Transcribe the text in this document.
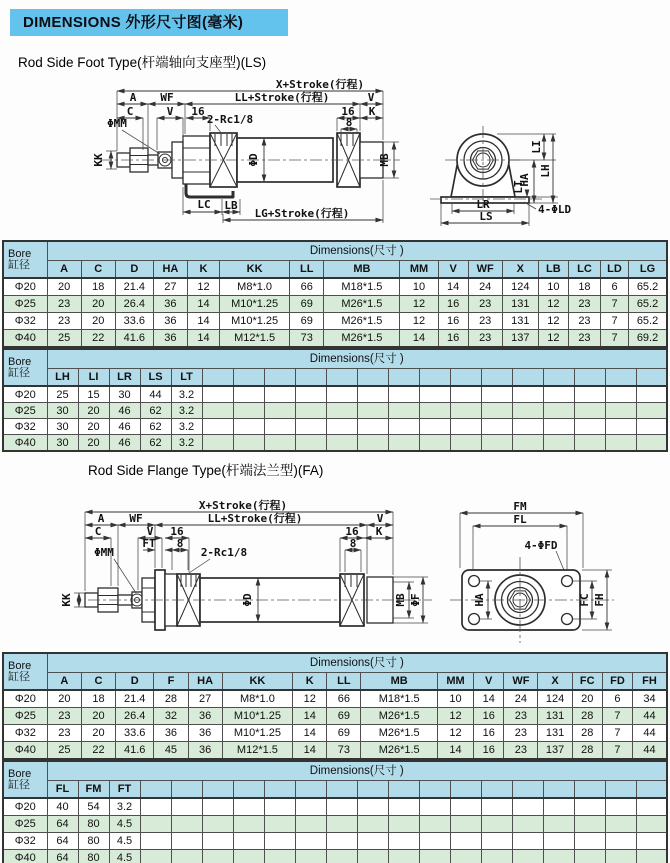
DIMENSIONS 外形尺寸图(毫米)
Rod Side Foot Type(杆端轴向支座型)(LS)
Rod Side Flange Type(杆端法兰型)(FA)
X+Stroke(行程)
A WF	LL+Stroke(行程)	V
C	V 16	16 K
8
ΦMM	2-Rc1/8
KK	ΦD	MB
LC LB
LG+Stroke(行程)
HA
LI
LH
LT
LR
LS
4-ΦLD
Bore
缸径	Dimensions(尺寸 )															
	A	C	D	HA	K	KK	LL	MB	MM	V	WF	X	LB	LC	LD	LG
Φ20	20	18	21.4	27	12	M8*1.0	66	M18*1.5	10	14	24	124	10	18	6	65.2
Φ25	23	20	26.4	36	14	M10*1.25	69	M26*1.5	12	16	23	131	12	23	7	65.2
Φ32	23	20	33.6	36	14	M10*1.25	69	M26*1.5	12	16	23	131	12	23	7	65.2
Φ40	25	22	41.6	36	14	M12*1.5	73	M26*1.5	14	16	23	137	12	23	7	69.2
Bore
缸径	Dimensions(尺寸 )																			
	LH	LI	LR	LS	LT															
Φ20	25	15	30	44	3.2															
Φ25	30	20	46	62	3.2															
Φ32	30	20	46	62	3.2															
Φ40	30	20	46	62	3.2															
X+Stroke(行程)
A WF	LL+Stroke(行程)	V
C	V 16	16 K
FT 8	8
ΦMM	2-Rc1/8
KK	ΦD	MB ΦF
FM
FL
4-ΦFD
HA	FC FH
Bore
缸径	Dimensions(尺寸 )															
	A	C	D	F	HA	KK	K	LL	MB	MM	V	WF	X	FC	FD	FH
Φ20	20	18	21.4	28	27	M8*1.0	12	66	M18*1.5	10	14	24	124	20	6	34
Φ25	23	20	26.4	32	36	M10*1.25	14	69	M26*1.5	12	16	23	131	28	7	44
Φ32	23	20	33.6	36	36	M10*1.25	14	69	M26*1.5	12	16	23	131	28	7	44
Φ40	25	22	41.6	45	36	M12*1.5	14	73	M26*1.5	14	16	23	137	28	7	44
Bore
缸径	Dimensions(尺寸 )																			
	FL	FM	FT																	
Φ20	40	54	3.2																	
Φ25	64	80	4.5																	
Φ32	64	80	4.5																	
Φ40	64	80	4.5																	
